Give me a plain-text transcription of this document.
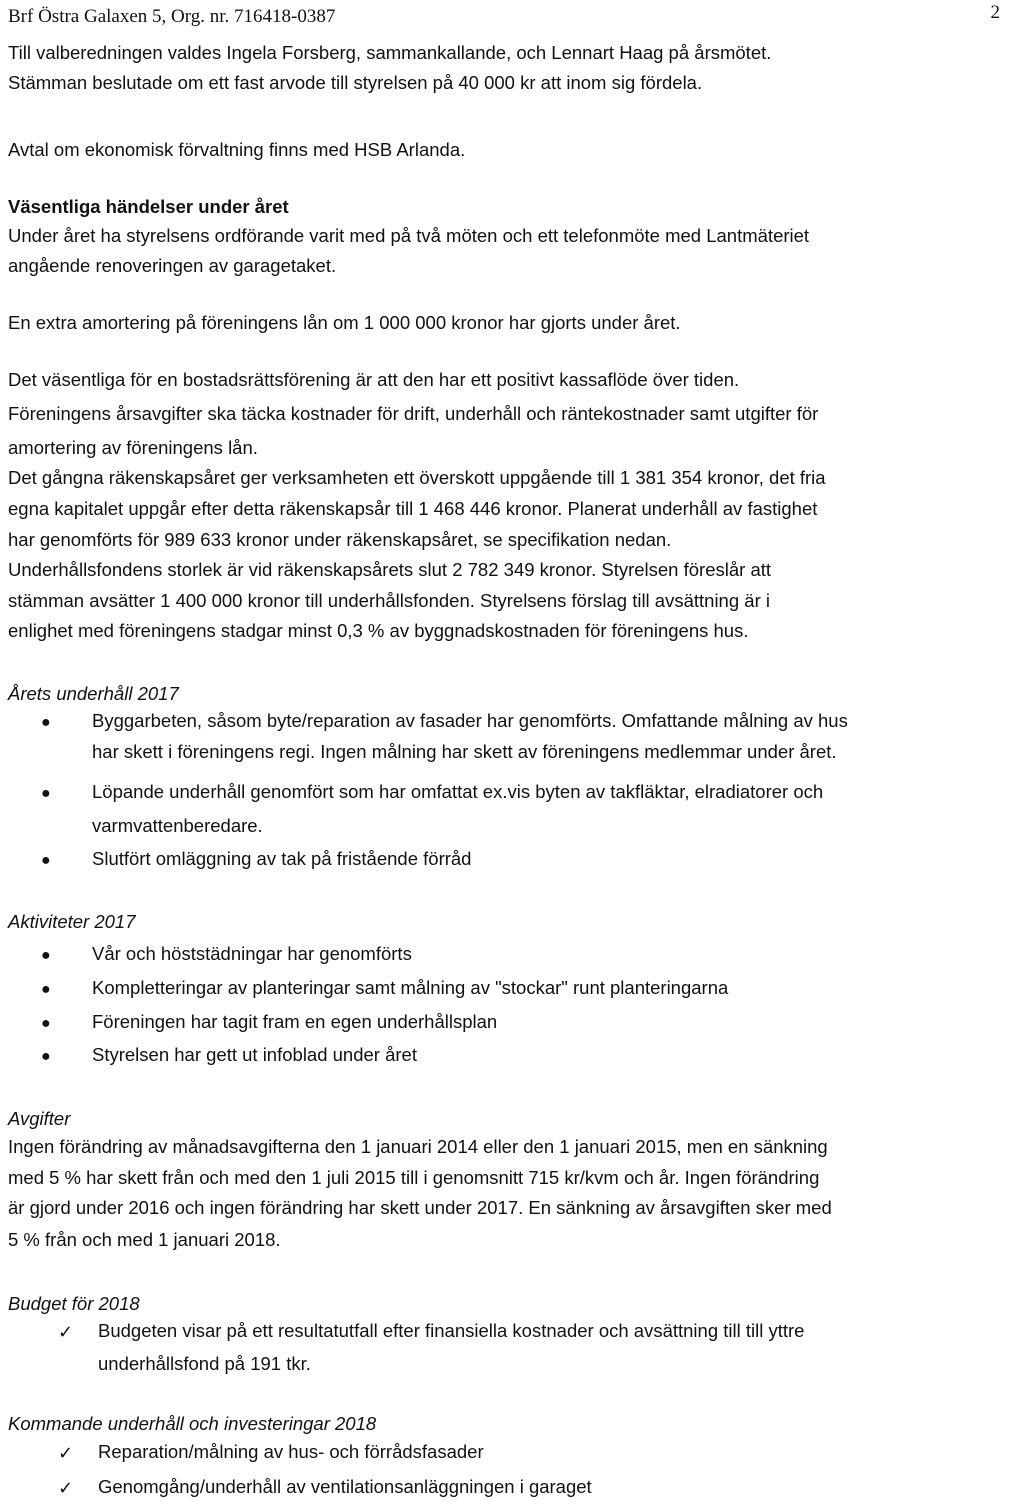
Brf Östra Galaxen 5, Org. nr. 716418-0387	2
Till valberedningen valdes Ingela Forsberg, sammankallande, och Lennart Haag på årsmötet.
Stämman beslutade om ett fast arvode till styrelsen på 40 000 kr att inom sig fördela.
Avtal om ekonomisk förvaltning finns med HSB Arlanda.
Väsentliga händelser under året
Under året ha styrelsens ordförande varit med på två möten och ett telefonmöte med Lantmäteriet
angående renoveringen av garagetaket.
En extra amortering på föreningens lån om 1 000 000 kronor har gjorts under året.
Det väsentliga för en bostadsrättsförening är att den har ett positivt kassaflöde över tiden.
Föreningens årsavgifter ska täcka kostnader för drift, underhåll och räntekostnader samt utgifter för
amortering av föreningens lån.
Det gångna räkenskapsåret ger verksamheten ett överskott uppgående till 1 381 354 kronor, det fria
egna kapitalet uppgår efter detta räkenskapsår till 1 468 446 kronor. Planerat underhåll av fastighet
har genomförts för 989 633 kronor under räkenskapsåret, se specifikation nedan.
Underhållsfondens storlek är vid räkenskapsårets slut 2 782 349 kronor. Styrelsen föreslår att
stämman avsätter 1 400 000 kronor till underhållsfonden. Styrelsens förslag till avsättning är i
enlighet med föreningens stadgar minst 0,3 % av byggnadskostnaden för föreningens hus.
Årets underhåll 2017
● Byggarbeten, såsom byte/reparation av fasader har genomförts. Omfattande målning av hus
har skett i föreningens regi. Ingen målning har skett av föreningens medlemmar under året.
● Löpande underhåll genomfört som har omfattat ex.vis byten av takfläktar, elradiatorer och
varmvattenberedare.
● Slutfört omläggning av tak på fristående förråd
Aktiviteter 2017
● Vår och höststädningar har genomförts
● Kompletteringar av planteringar samt målning av "stockar" runt planteringarna
● Föreningen har tagit fram en egen underhållsplan
● Styrelsen har gett ut infoblad under året
Avgifter
Ingen förändring av månadsavgifterna den 1 januari 2014 eller den 1 januari 2015, men en sänkning
med 5 % har skett från och med den 1 juli 2015 till i genomsnitt 715 kr/kvm och år. Ingen förändring
är gjord under 2016 och ingen förändring har skett under 2017. En sänkning av årsavgiften sker med
5 % från och med 1 januari 2018.
Budget för 2018
✓ Budgeten visar på ett resultatutfall efter finansiella kostnader och avsättning till till yttre
underhållsfond på 191 tkr.
Kommande underhåll och investeringar 2018
✓ Reparation/målning av hus- och förrådsfasader
✓ Genomgång/underhåll av ventilationsanläggningen i garaget
